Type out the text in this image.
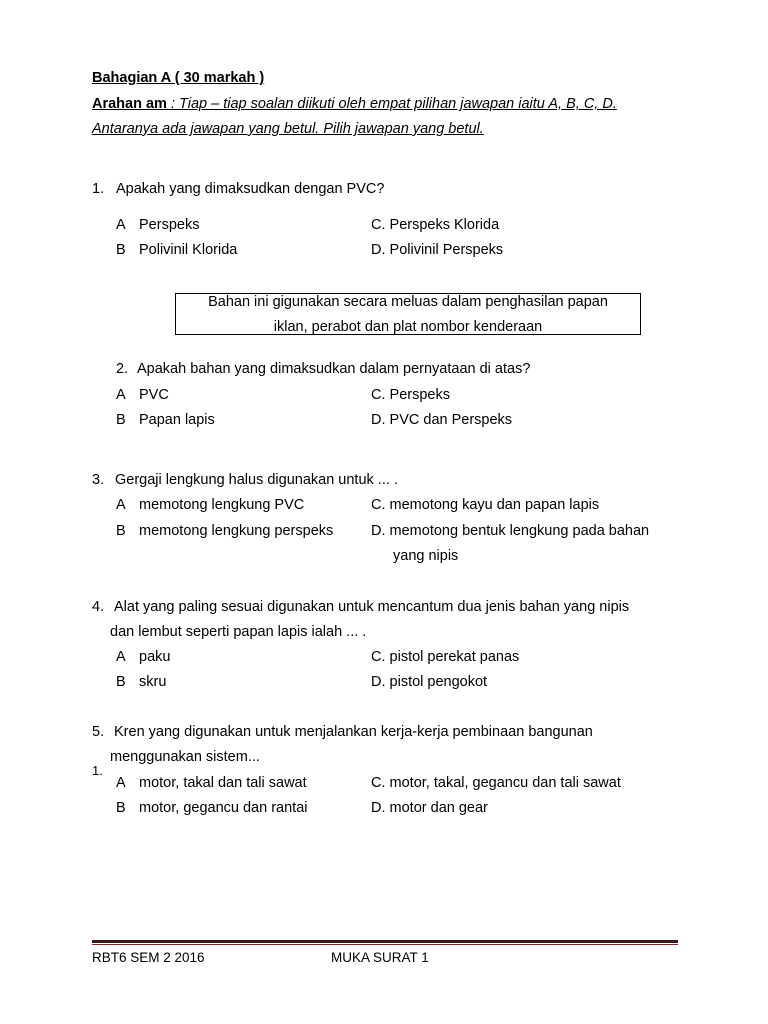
Bahagian A ( 30 markah )
Arahan am : Tiap – tiap soalan diikuti oleh empat pilihan jawapan iaitu A, B, C, D.
Antaranya ada jawapan yang betul. Pilih jawapan yang betul.
1. Apakah yang dimaksudkan dengan PVC?
A Perspeks	C. Perspeks Klorida
B Polivinil Klorida	D. Polivinil Perspeks
Bahan ini gigunakan secara meluas dalam penghasilan papan
iklan, perabot dan plat nombor kenderaan
2. Apakah bahan yang dimaksudkan dalam pernyataan di atas?
A PVC	C. Perspeks
B Papan lapis	D. PVC dan Perspeks
3. Gergaji lengkung halus digunakan untuk ... .
A memotong lengkung PVC	C. memotong kayu dan papan lapis
B memotong lengkung perspeks	D. memotong bentuk lengkung pada bahan
yang nipis
4. Alat yang paling sesuai digunakan untuk mencantum dua jenis bahan yang nipis
dan lembut seperti papan lapis ialah ... .
A paku	C. pistol perekat panas
B skru	D. pistol pengokot
5. Kren yang digunakan untuk menjalankan kerja-kerja pembinaan bangunan
menggunakan sistem...
1.
A motor, takal dan tali sawat	C. motor, takal, gegancu dan tali sawat
B motor, gegancu dan rantai	D. motor dan gear
RBT6 SEM 2 2016	MUKA SURAT 1
